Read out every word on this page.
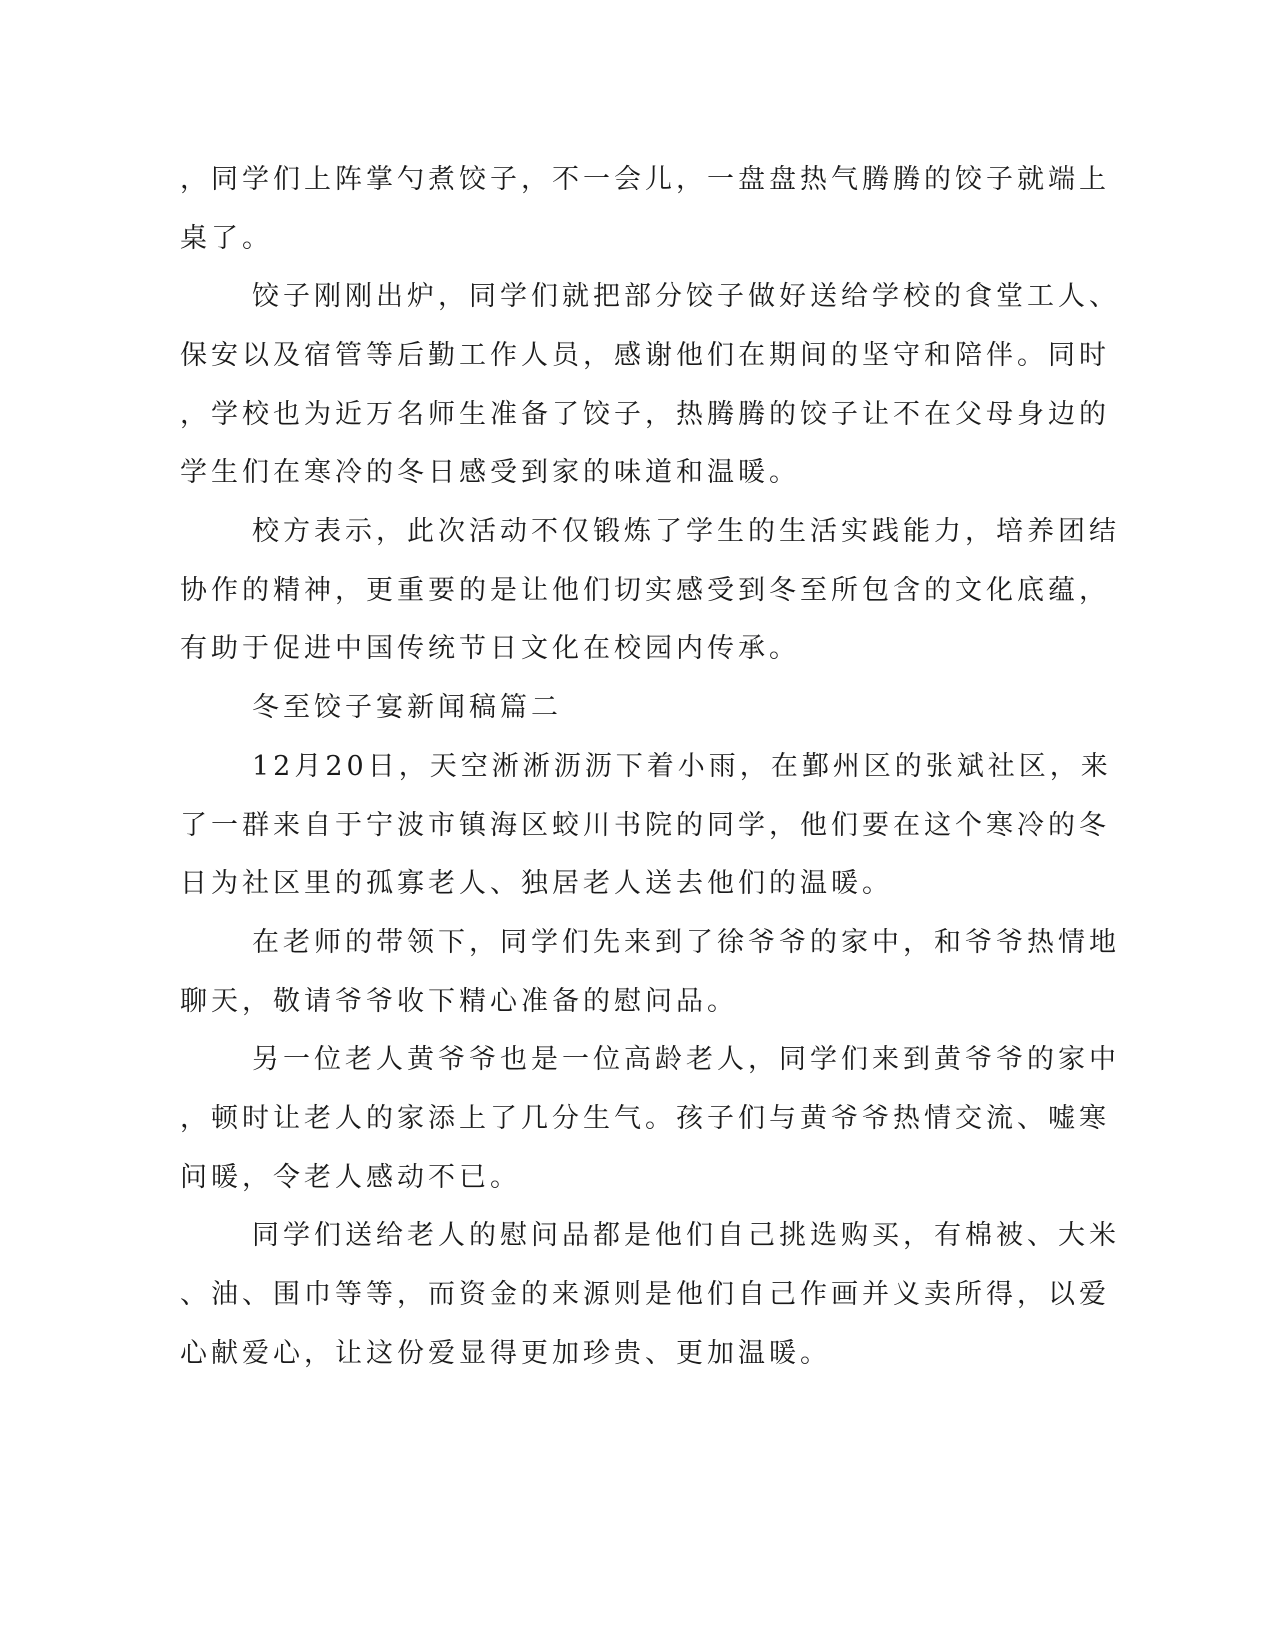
，同学们上阵掌勺煮饺子，不一会儿，一盘盘热气腾腾的饺子就端上
桌了。
饺子刚刚出炉，同学们就把部分饺子做好送给学校的食堂工人、
保安以及宿管等后勤工作人员，感谢他们在期间的坚守和陪伴。同时
，学校也为近万名师生准备了饺子，热腾腾的饺子让不在父母身边的
学生们在寒冷的冬日感受到家的味道和温暖。
校方表示，此次活动不仅锻炼了学生的生活实践能力，培养团结
协作的精神，更重要的是让他们切实感受到冬至所包含的文化底蕴，
有助于促进中国传统节日文化在校园内传承。
冬至饺子宴新闻稿篇二
12月20日，天空淅淅沥沥下着小雨，在鄞州区的张斌社区，来
了一群来自于宁波市镇海区蛟川书院的同学，他们要在这个寒冷的冬
日为社区里的孤寡老人、独居老人送去他们的温暖。
在老师的带领下，同学们先来到了徐爷爷的家中，和爷爷热情地
聊天，敬请爷爷收下精心准备的慰问品。
另一位老人黄爷爷也是一位高龄老人，同学们来到黄爷爷的家中
，顿时让老人的家添上了几分生气。孩子们与黄爷爷热情交流、嘘寒
问暖，令老人感动不已。
同学们送给老人的慰问品都是他们自己挑选购买，有棉被、大米
、油、围巾等等，而资金的来源则是他们自己作画并义卖所得，以爱
心献爱心，让这份爱显得更加珍贵、更加温暖。
